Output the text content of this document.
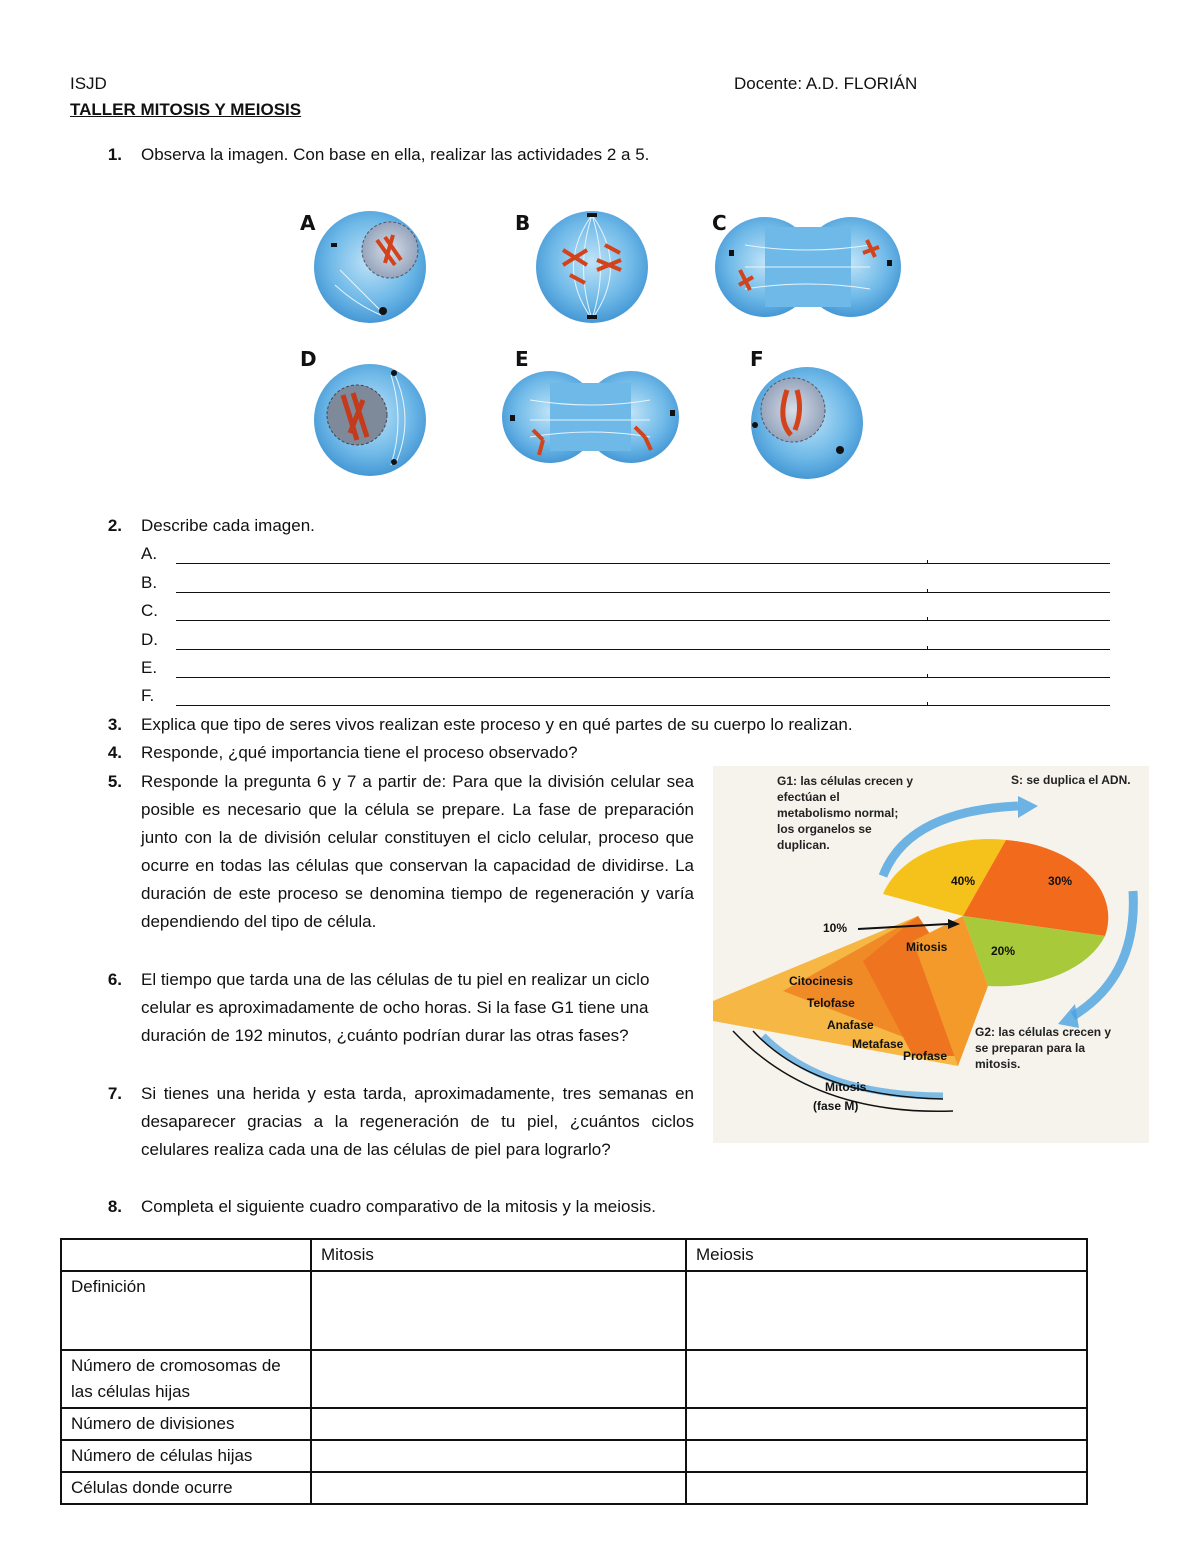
ISJD	Docente: A.D. FLORIÁN
TALLER MITOSIS Y MEIOSIS
1. Observa la imagen. Con base en ella, realizar las actividades 2 a 5.
A	B	C
D	E	F
2. Describe cada imagen.
A.
B.
C.
D.
E.
F.
3. Explica que tipo de seres vivos realizan este proceso y en qué partes de su cuerpo lo realizan.
4. Responde, ¿qué importancia tiene el proceso observado?
5. Responde la pregunta 6 y 7 a partir de: Para que la división celular sea posible es necesario que la célula se prepare. La fase de preparación junto con la de división celular constituyen el ciclo celular, proceso que ocurre en todas las células que conservan la capacidad de dividirse. La duración de este proceso se denomina tiempo de regeneración y varía dependiendo del tipo de célula.
6. El tiempo que tarda una de las células de tu piel en realizar un ciclo celular es aproximadamente de ocho horas. Si la fase G1 tiene una duración de 192 minutos, ¿cuánto podrían durar las otras fases?
7. Si tienes una herida y esta tarda, aproximadamente, tres semanas en desaparecer gracias a la regeneración de tu piel, ¿cuántos ciclos celulares realiza cada una de las células de piel para lograrlo?
8. Completa el siguiente cuadro comparativo de la mitosis y la meiosis.
G1: las células crecen y efectúan el metabolismo normal; los organelos se duplican.
S: se duplica el ADN.
G2: las células crecen y se preparan para la mitosis.
40%	30%
20%
10%
Mitosis
Citocinesis
Telofase
Anafase
Metafase
Profase
Mitosis
(fase M)
	Mitosis	Meiosis
Definición		
Número de cromosomas de las células hijas		
Número de divisiones		
Número de células hijas		
Células donde ocurre		
